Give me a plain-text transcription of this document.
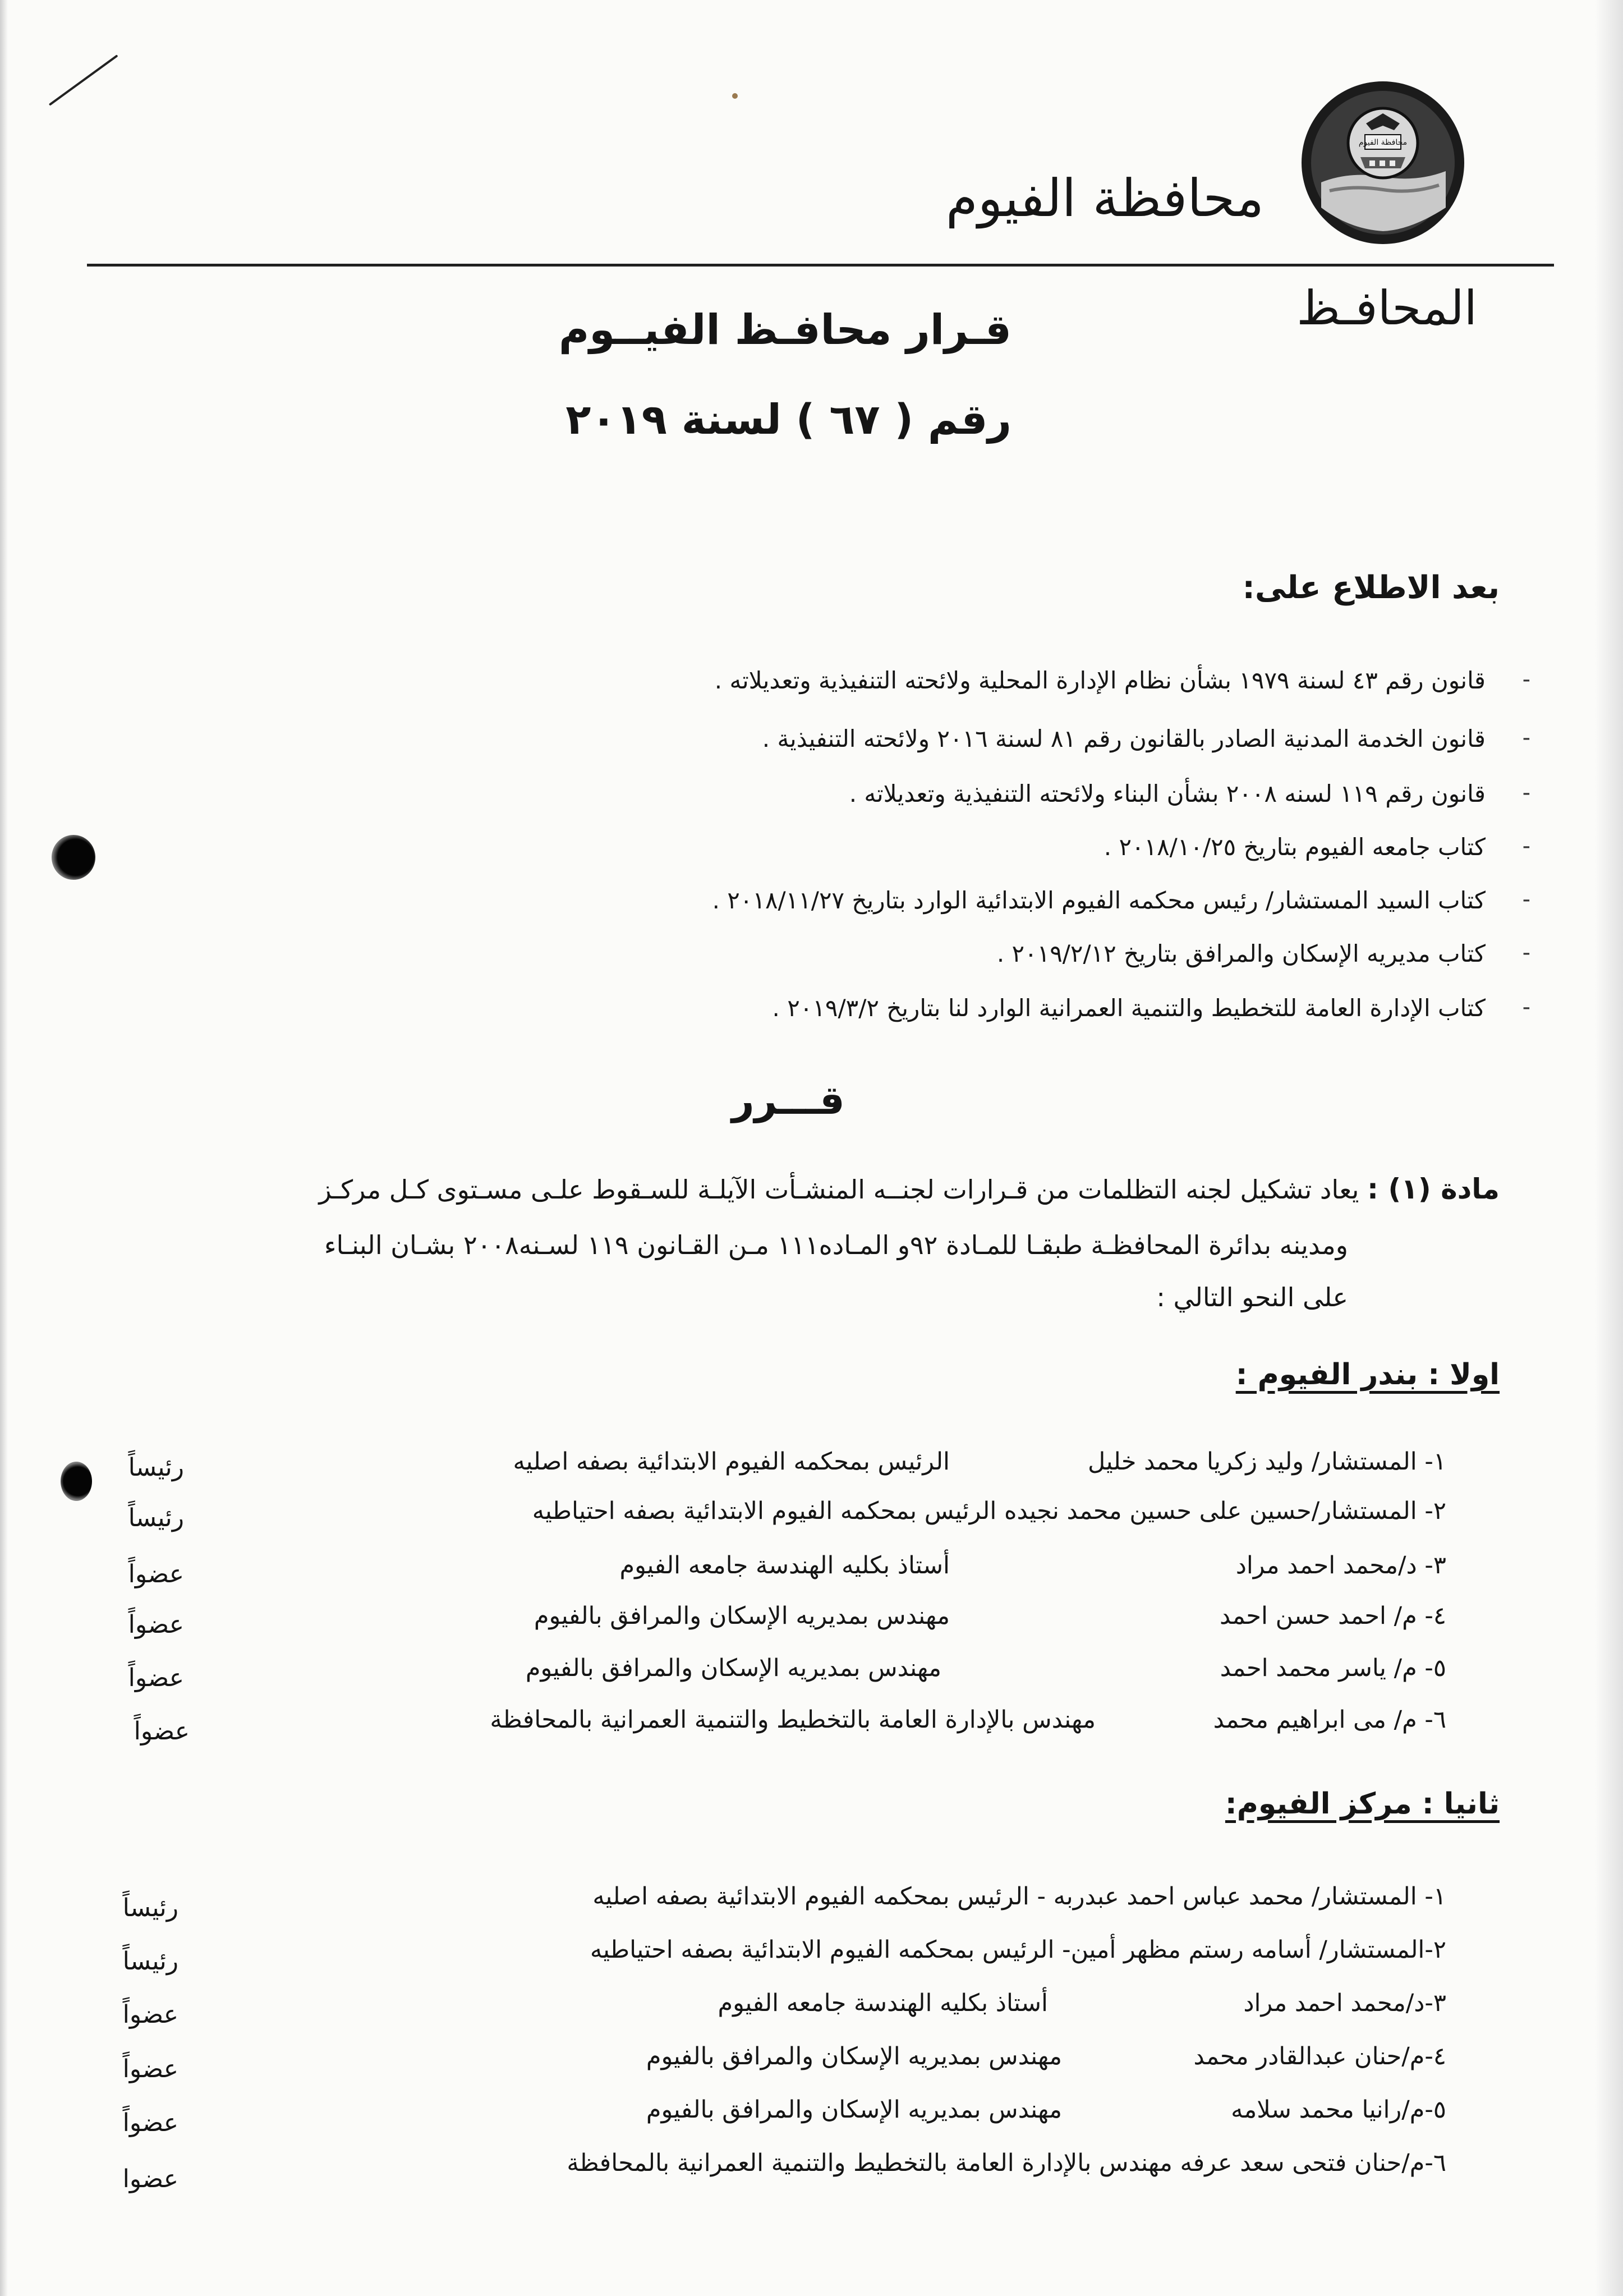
محافظة الفيوم
محافظة الفيوم
المحافـظ
قـرار محافـظ الفيــوم
رقم ( ٦٧ ) لسنة ٢٠١٩
بعد الاطلاع على:
-
قانون رقم ٤٣ لسنة ١٩٧٩ بشأن نظام الإدارة المحلية ولائحته التنفيذية وتعديلاته .
-
قانون الخدمة المدنية الصادر بالقانون رقم ٨١ لسنة ٢٠١٦ ولائحته التنفيذية .
-
قانون رقم ١١٩ لسنه ٢٠٠٨ بشأن البناء ولائحته التنفيذية وتعديلاته .
-
كتاب جامعه الفيوم بتاريخ ٢٠١٨/١٠/٢٥ .
-
كتاب السيد المستشار/ رئيس محكمه الفيوم الابتدائية الوارد بتاريخ ٢٠١٨/١١/٢٧ .
-
كتاب مديريه الإسكان والمرافق بتاريخ ٢٠١٩/٢/١٢ .
-
كتاب الإدارة العامة للتخطيط والتنمية العمرانية الوارد لنا بتاريخ ٢٠١٩/٣/٢ .
قـــرر
مادة (١) : يعاد تشكيل لجنه التظلمات من قـرارات لجنــه المنشـأت الآيلـة للسـقوط علـى مسـتوى كـل مركـز
ومدينه بدائرة المحافظـة طبقـا للمـادة ٩٢و المـاده١١١ مـن القـانون ١١٩ لسـنه٢٠٠٨ بشـان البنـاء
على النحو التالي :
اولا : بندر الفيوم :
١- المستشار/ وليد زكريا محمد خليل
الرئيس بمحكمه الفيوم الابتدائية بصفه اصليه
رئيساً
٢- المستشار/حسين على حسين محمد نجيده الرئيس بمحكمه الفيوم الابتدائية بصفه احتياطيه
رئيساً
٣- د/محمد احمد مراد
أستاذ بكليه الهندسة جامعه الفيوم
عضواً
٤- م/ احمد حسن احمد
مهندس بمديريه الإسكان والمرافق بالفيوم
عضواً
٥- م/ ياسر محمد احمد
مهندس بمديريه الإسكان والمرافق بالفيوم
عضواً
٦- م/ مى ابراهيم محمد
مهندس بالإدارة العامة بالتخطيط والتنمية العمرانية بالمحافظة
عضواً
ثانيا : مركز الفيوم:
١- المستشار/ محمد عباس احمد عبدربه - الرئيس بمحكمه الفيوم الابتدائية بصفه اصليه
رئيساً
٢-المستشار/ أسامه رستم مظهر أمين- الرئيس بمحكمه الفيوم الابتدائية بصفه احتياطيه
رئيساً
٣-د/محمد احمد مراد
أستاذ بكليه الهندسة جامعه الفيوم
عضواً
٤-م/حنان عبدالقادر محمد
مهندس بمديريه الإسكان والمرافق بالفيوم
عضواً
٥-م/رانيا محمد سلامه
مهندس بمديريه الإسكان والمرافق بالفيوم
عضواً
٦-م/حنان فتحى سعد عرفه مهندس بالإدارة العامة بالتخطيط والتنمية العمرانية بالمحافظة
عضوا
